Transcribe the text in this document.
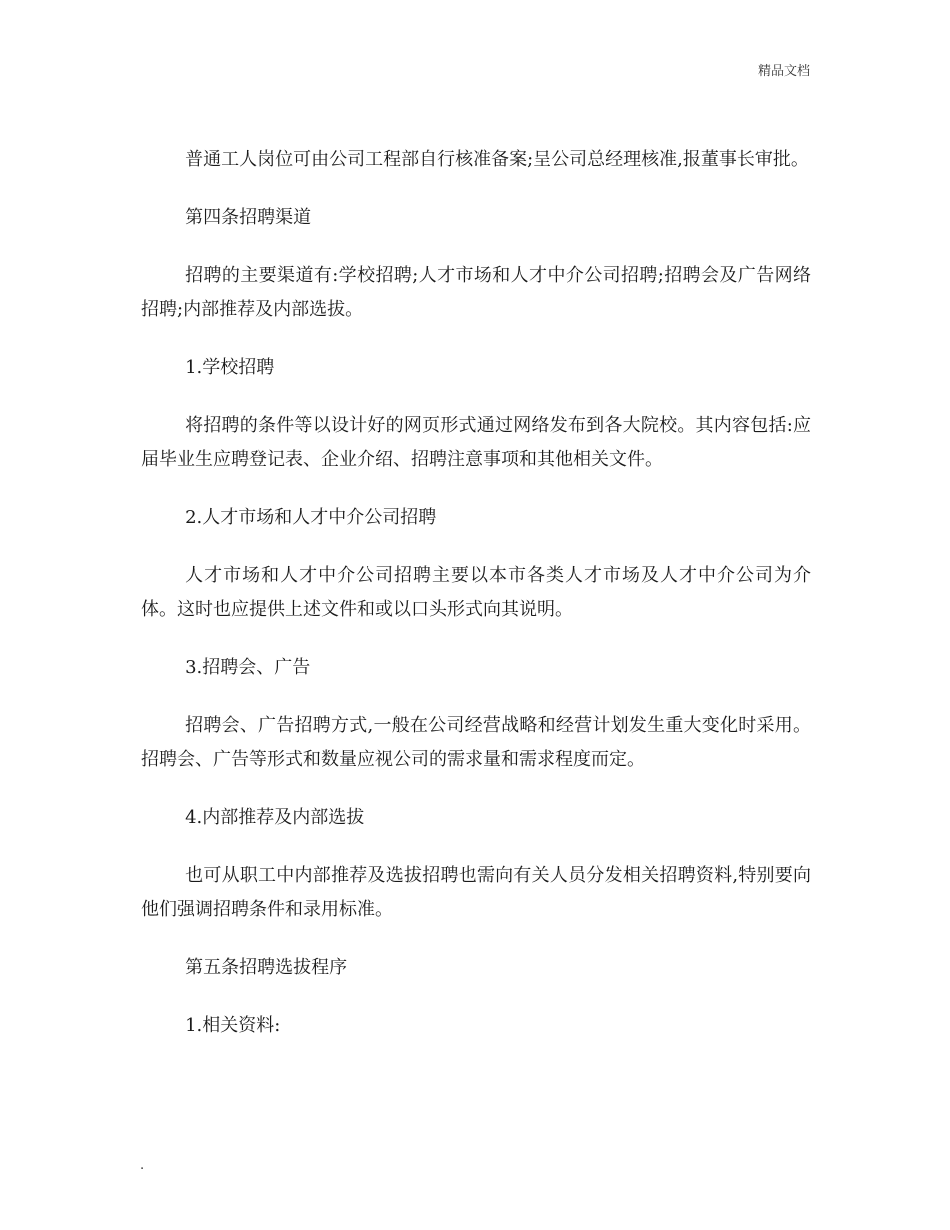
精品文档

普通工人岗位可由公司工程部自行核准备案;呈公司总经理核准,报董事长审批。

第四条招聘渠道

招聘的主要渠道有:学校招聘;人才市场和人才中介公司招聘;招聘会及广告网络招聘;内部推荐及内部选拔。

1.学校招聘

将招聘的条件等以设计好的网页形式通过网络发布到各大院校。其内容包括:应届毕业生应聘登记表、企业介绍、招聘注意事项和其他相关文件。

2.人才市场和人才中介公司招聘

人才市场和人才中介公司招聘主要以本市各类人才市场及人才中介公司为介体。这时也应提供上述文件和或以口头形式向其说明。

3.招聘会、广告

招聘会、广告招聘方式,一般在公司经营战略和经营计划发生重大变化时采用。招聘会、广告等形式和数量应视公司的需求量和需求程度而定。

4.内部推荐及内部选拔

也可从职工中内部推荐及选拔招聘也需向有关人员分发相关招聘资料,特别要向他们强调招聘条件和录用标准。

第五条招聘选拔程序

1.相关资料:

.
